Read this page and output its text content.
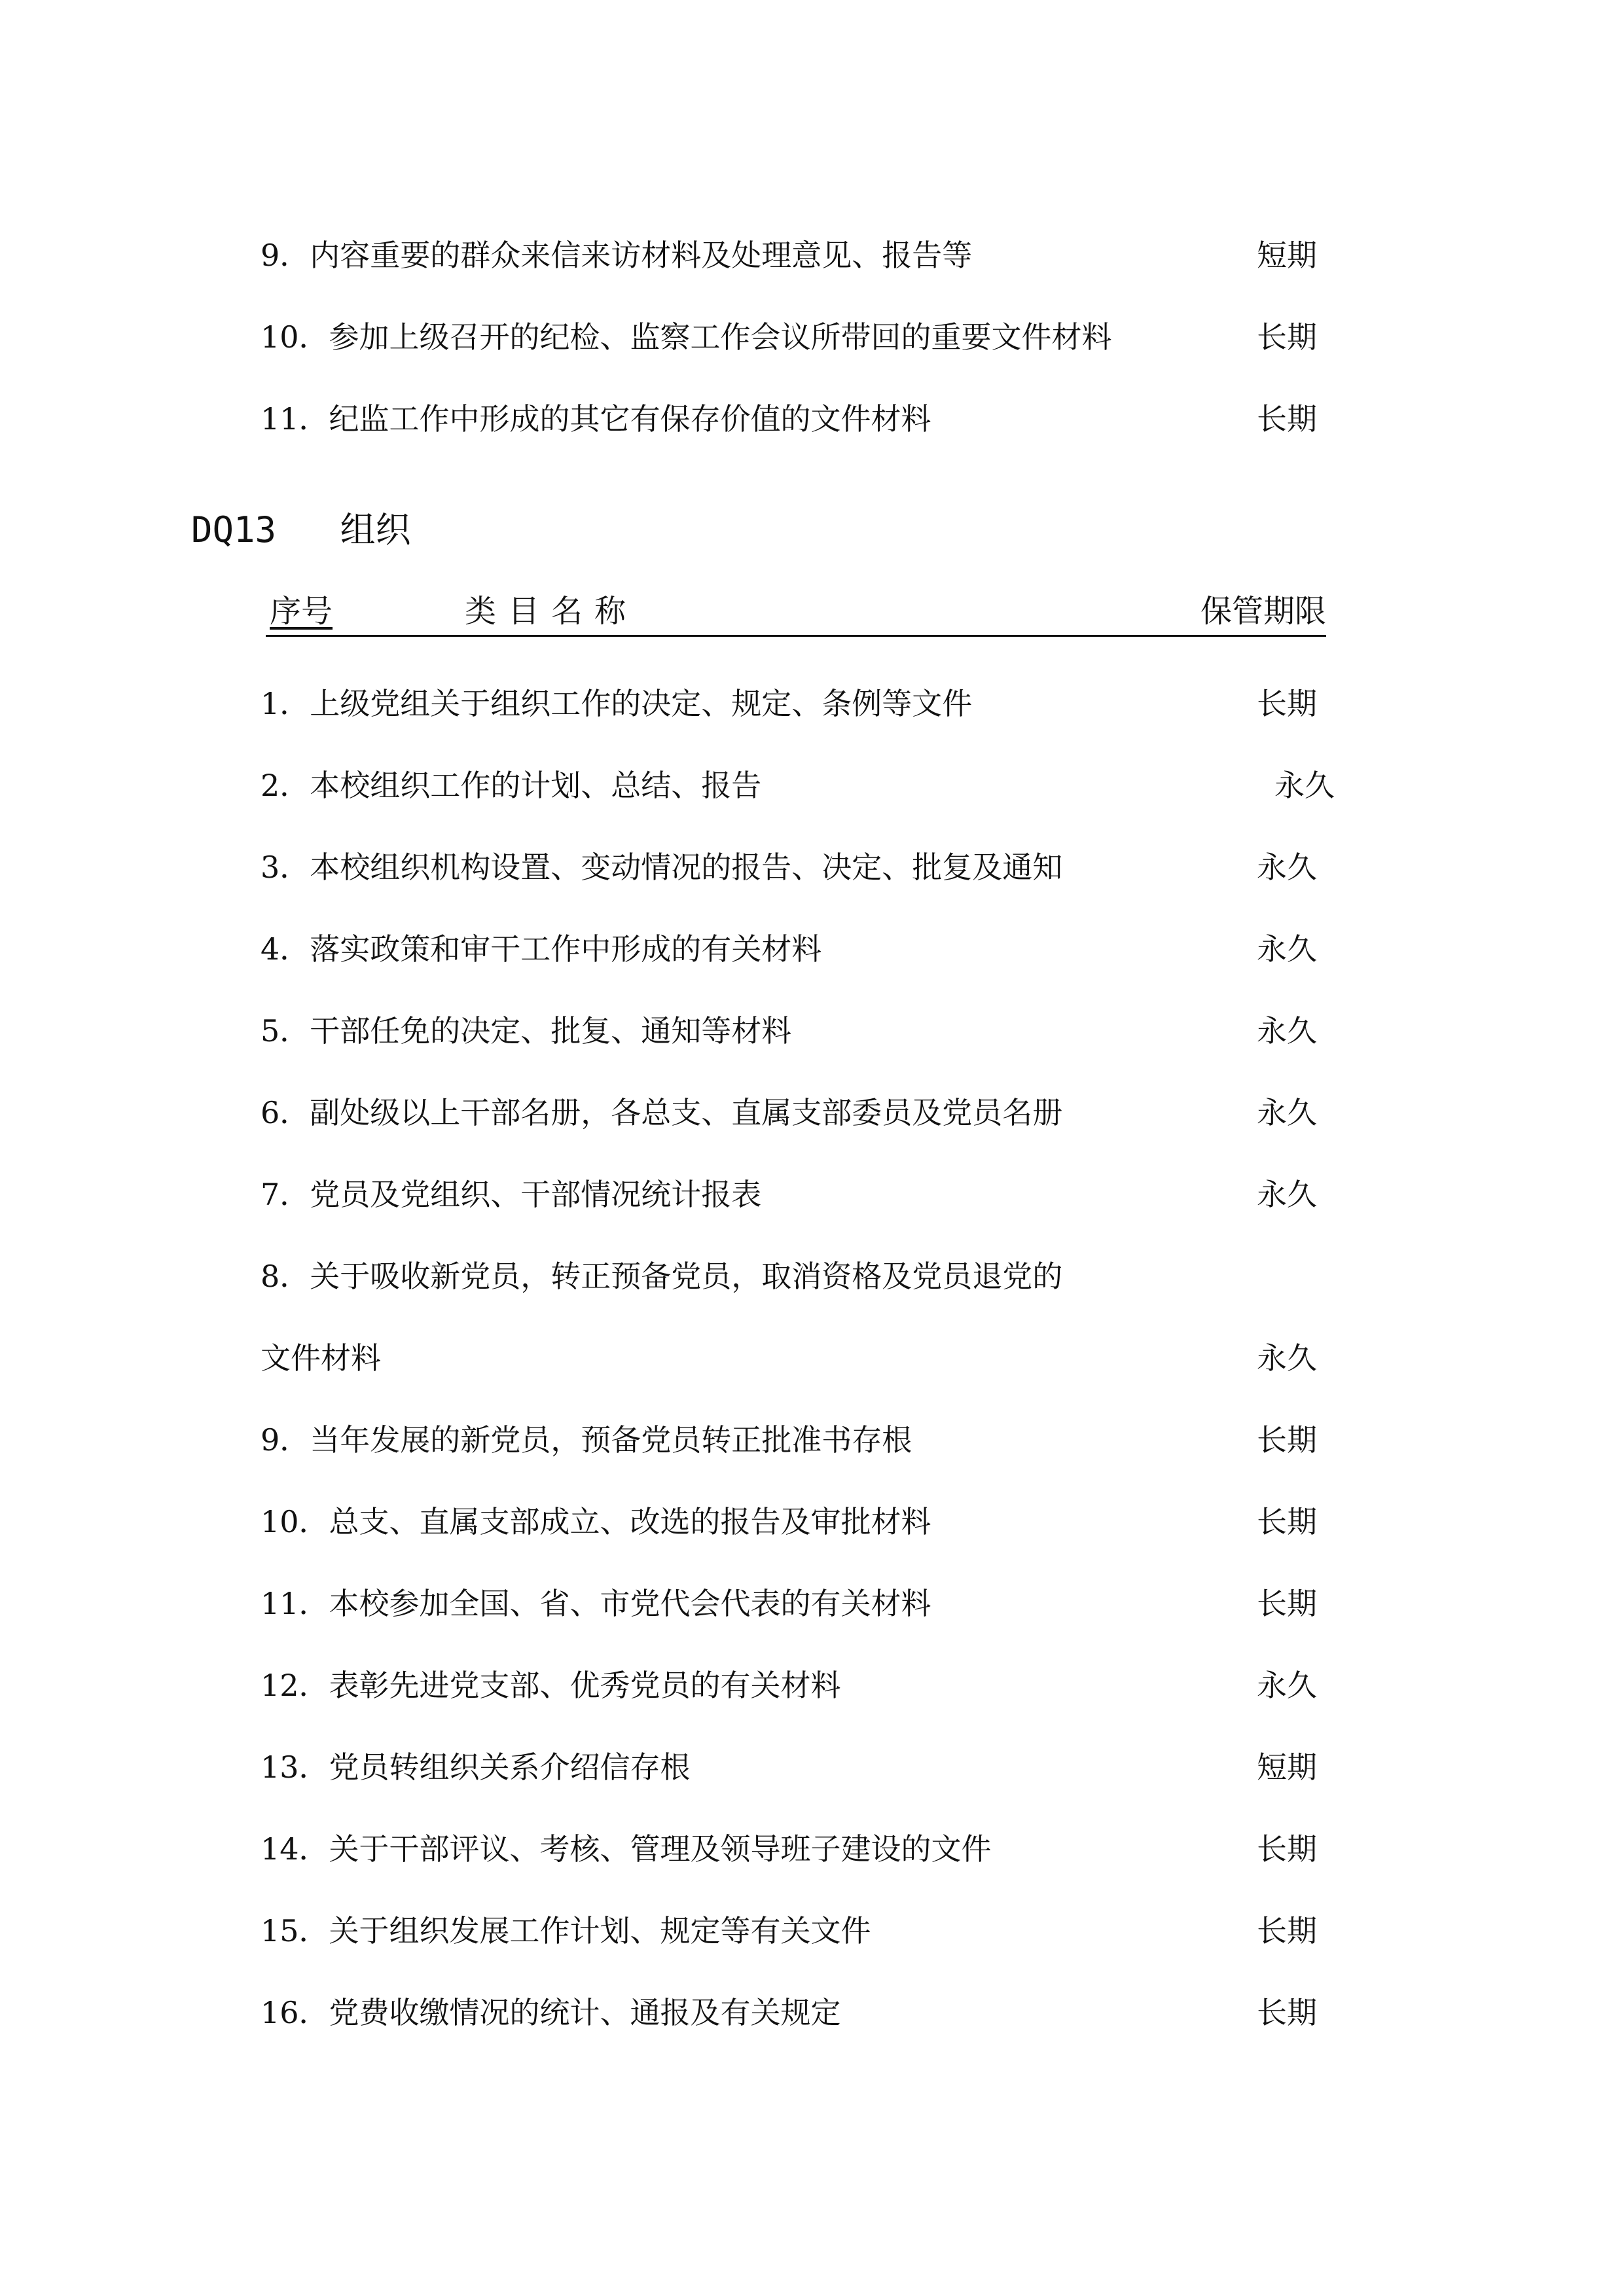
9．内容重要的群众来信来访材料及处理意见、报告等	短期
10．参加上级召开的纪检、监察工作会议所带回的重要文件材料	长期
11．纪监工作中形成的其它有保存价值的文件材料	长期
DQ13 组织
序号	类目名称	保管期限
1．上级党组关于组织工作的决定、规定、条例等文件	长期
2．本校组织工作的计划、总结、报告	永久
3．本校组织机构设置、变动情况的报告、决定、批复及通知	永久
4．落实政策和审干工作中形成的有关材料	永久
5．干部任免的决定、批复、通知等材料	永久
6．副处级以上干部名册，各总支、直属支部委员及党员名册	永久
7．党员及党组织、干部情况统计报表	永久
8．关于吸收新党员，转正预备党员，取消资格及党员退党的
文件材料	永久
9．当年发展的新党员，预备党员转正批准书存根	长期
10．总支、直属支部成立、改选的报告及审批材料	长期
11．本校参加全国、省、市党代会代表的有关材料	长期
12．表彰先进党支部、优秀党员的有关材料	永久
13．党员转组织关系介绍信存根	短期
14．关于干部评议、考核、管理及领导班子建设的文件	长期
15．关于组织发展工作计划、规定等有关文件	长期
16．党费收缴情况的统计、通报及有关规定	长期
